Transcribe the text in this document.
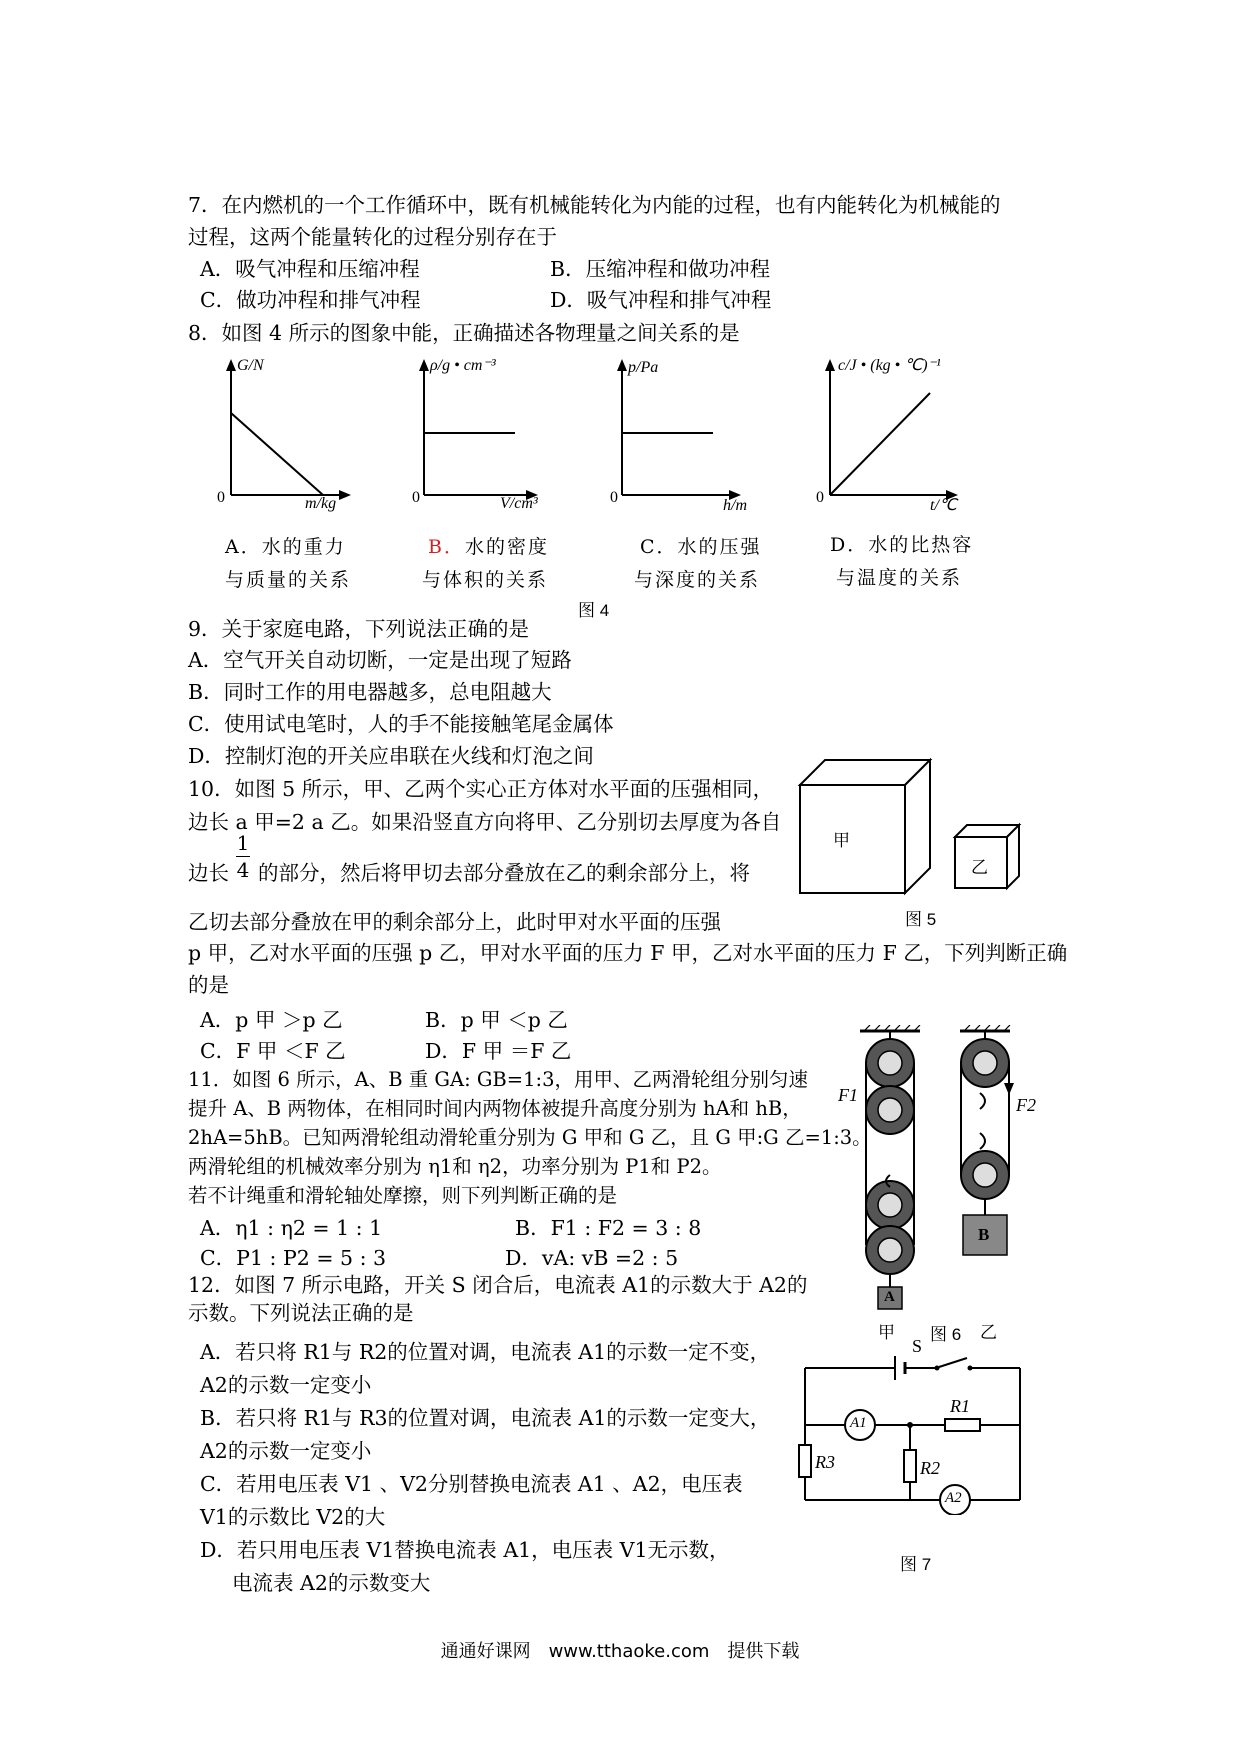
7．在内燃机的一个工作循环中，既有机械能转化为内能的过程，也有内能转化为机械能的
过程，这两个能量转化的过程分别存在于
A．吸气冲程和压缩冲程	B．压缩冲程和做功冲程
C．做功冲程和排气冲程	D．吸气冲程和排气冲程
8．如图 4 所示的图象中能，正确描述各物理量之间关系的是
G/N
m/kg
0
ρ/g • cm⁻³
V/cm³
0
p/Pa
h/m
0
c/J • (kg • ℃)⁻¹
t/℃
0
A．水的重力
与质量的关系
B．水的密度
与体积的关系
C．水的压强
与深度的关系
D．水的比热容
与温度的关系
图 4
9．关于家庭电路，下列说法正确的是
A．空气开关自动切断，一定是出现了短路
B．同时工作的用电器越多，总电阻越大
C．使用试电笔时，人的手不能接触笔尾金属体
D．控制灯泡的开关应串联在火线和灯泡之间
10．如图 5 所示，甲、乙两个实心正方体对水平面的压强相同，
边长 a 甲=2 a 乙。如果沿竖直方向将甲、乙分别切去厚度为各自
边长
1
4 的部分，然后将甲切去部分叠放在乙的剩余部分上，将
乙切去部分叠放在甲的剩余部分上，此时甲对水平面的压强
p 甲，乙对水平面的压强 p 乙，甲对水平面的压力 F 甲，乙对水平面的压力 F 乙，下列判断正确
的是
A．p 甲 ＞p 乙	B．p 甲 ＜p 乙
C．F 甲 ＜F 乙	D．F 甲 ＝F 乙
甲
乙
图 5
11．如图 6 所示，A、B 重 GA: GB=1:3，用甲、乙两滑轮组分别匀速
提升 A、B 两物体，在相同时间内两物体被提升高度分别为 hA和 hB，
2hA=5hB。已知两滑轮组动滑轮重分别为 G 甲和 G 乙，且 G 甲:G 乙=1:3。
两滑轮组的机械效率分别为 η1和 η2，功率分别为 P1和 P2。
若不计绳重和滑轮轴处摩擦，则下列判断正确的是
A．η1 : η2 = 1 : 1	B．F1 : F2 = 3 : 8
C．P1 : P2 = 5 : 3	D．vA: vB =2 : 5
F1	F2
A
B
甲 图 6 乙
12．如图 7 所示电路，开关 S 闭合后，电流表 A1的示数大于 A2的
示数。下列说法正确的是
A．若只将 R1与 R2的位置对调，电流表 A1的示数一定不变，
A2的示数一定变小
B．若只将 R1与 R3的位置对调，电流表 A1的示数一定变大，
A2的示数一定变小
C．若用电压表 V1 、V2分别替换电流表 A1 、A2，电压表
V1的示数比 V2的大
D．若只用电压表 V1替换电流表 A1，电压表 V1无示数，
电流表 A2的示数变大
S
A1
A2
R1
R2
R3
图 7
通通好课网　www.tthaoke.com　提供下载
